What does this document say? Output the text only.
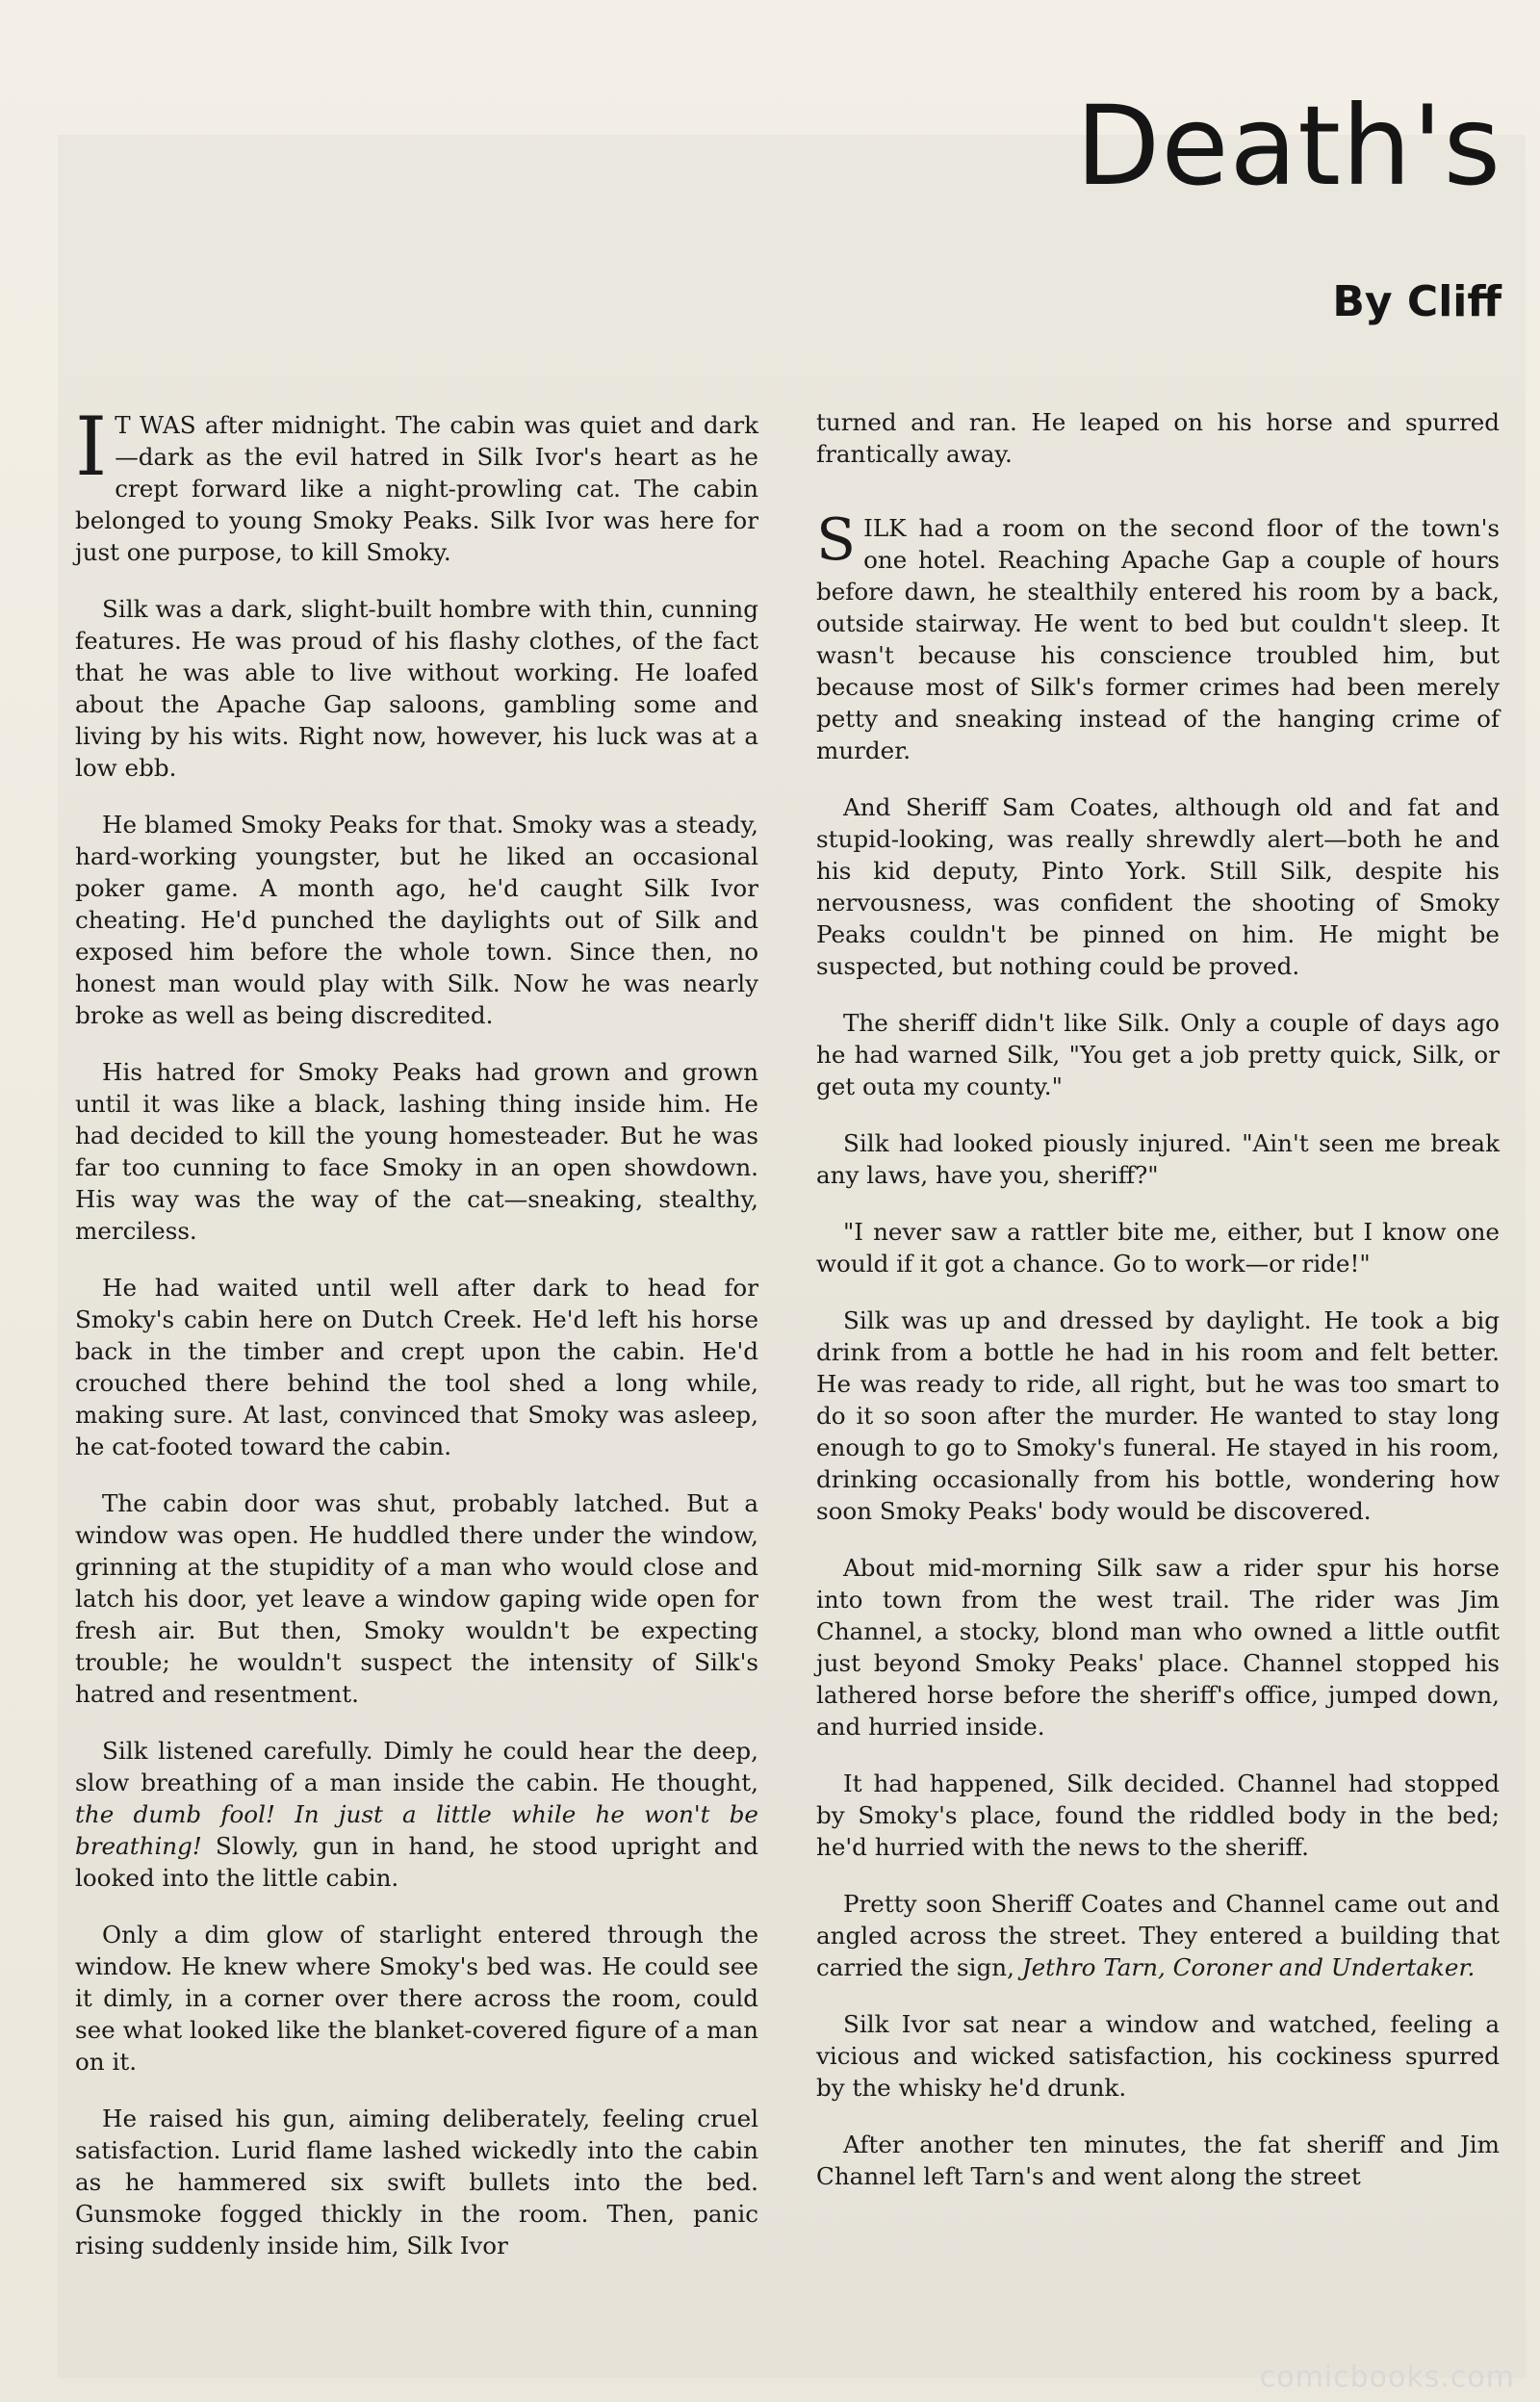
Death's
By Cliff

I T WAS after midnight. The cabin was quiet and dark—dark as the evil hatred in Silk Ivor's heart as he crept forward like a night-prowling cat. The cabin belonged to young Smoky Peaks. Silk Ivor was here for just one purpose, to kill Smoky.

Silk was a dark, slight-built hombre with thin, cunning features. He was proud of his flashy clothes, of the fact that he was able to live without working. He loafed about the Apache Gap saloons, gambling some and living by his wits. Right now, however, his luck was at a low ebb.

He blamed Smoky Peaks for that. Smoky was a steady, hard-working youngster, but he liked an occasional poker game. A month ago, he'd caught Silk Ivor cheating. He'd punched the daylights out of Silk and exposed him before the whole town. Since then, no honest man would play with Silk. Now he was nearly broke as well as being discredited.

His hatred for Smoky Peaks had grown and grown until it was like a black, lashing thing inside him. He had decided to kill the young homesteader. But he was far too cunning to face Smoky in an open showdown. His way was the way of the cat—sneaking, stealthy, merciless.

He had waited until well after dark to head for Smoky's cabin here on Dutch Creek. He'd left his horse back in the timber and crept upon the cabin. He'd crouched there behind the tool shed a long while, making sure. At last, convinced that Smoky was asleep, he cat-footed toward the cabin.

The cabin door was shut, probably latched. But a window was open. He huddled there under the window, grinning at the stupidity of a man who would close and latch his door, yet leave a window gaping wide open for fresh air. But then, Smoky wouldn't be expecting trouble; he wouldn't suspect the intensity of Silk's hatred and resentment.

Silk listened carefully. Dimly he could hear the deep, slow breathing of a man inside the cabin. He thought, the dumb fool! In just a little while he won't be breathing! Slowly, gun in hand, he stood upright and looked into the little cabin.

Only a dim glow of starlight entered through the window. He knew where Smoky's bed was. He could see it dimly, in a corner over there across the room, could see what looked like the blanket-covered figure of a man on it.

He raised his gun, aiming deliberately, feeling cruel satisfaction. Lurid flame lashed wickedly into the cabin as he hammered six swift bullets into the bed. Gunsmoke fogged thickly in the room. Then, panic rising suddenly inside him, Silk Ivor

turned and ran. He leaped on his horse and spurred frantically away.

SILK had a room on the second floor of the town's one hotel. Reaching Apache Gap a couple of hours before dawn, he stealthily entered his room by a back, outside stairway. He went to bed but couldn't sleep. It wasn't because his conscience troubled him, but because most of Silk's former crimes had been merely petty and sneaking instead of the hanging crime of murder.

And Sheriff Sam Coates, although old and fat and stupid-looking, was really shrewdly alert—both he and his kid deputy, Pinto York. Still Silk, despite his nervousness, was confident the shooting of Smoky Peaks couldn't be pinned on him. He might be suspected, but nothing could be proved.

The sheriff didn't like Silk. Only a couple of days ago he had warned Silk, "You get a job pretty quick, Silk, or get outa my county."

Silk had looked piously injured. "Ain't seen me break any laws, have you, sheriff?"

"I never saw a rattler bite me, either, but I know one would if it got a chance. Go to work—or ride!"

Silk was up and dressed by daylight. He took a big drink from a bottle he had in his room and felt better. He was ready to ride, all right, but he was too smart to do it so soon after the murder. He wanted to stay long enough to go to Smoky's funeral. He stayed in his room, drinking occasionally from his bottle, wondering how soon Smoky Peaks' body would be discovered.

About mid-morning Silk saw a rider spur his horse into town from the west trail. The rider was Jim Channel, a stocky, blond man who owned a little outfit just beyond Smoky Peaks' place. Channel stopped his lathered horse before the sheriff's office, jumped down, and hurried inside.

It had happened, Silk decided. Channel had stopped by Smoky's place, found the riddled body in the bed; he'd hurried with the news to the sheriff.

Pretty soon Sheriff Coates and Channel came out and angled across the street. They entered a building that carried the sign, Jethro Tarn, Coroner and Undertaker.

Silk Ivor sat near a window and watched, feeling a vicious and wicked satisfaction, his cockiness spurred by the whisky he'd drunk.

After another ten minutes, the fat sheriff and Jim Channel left Tarn's and went along the street

comicbooks.com
